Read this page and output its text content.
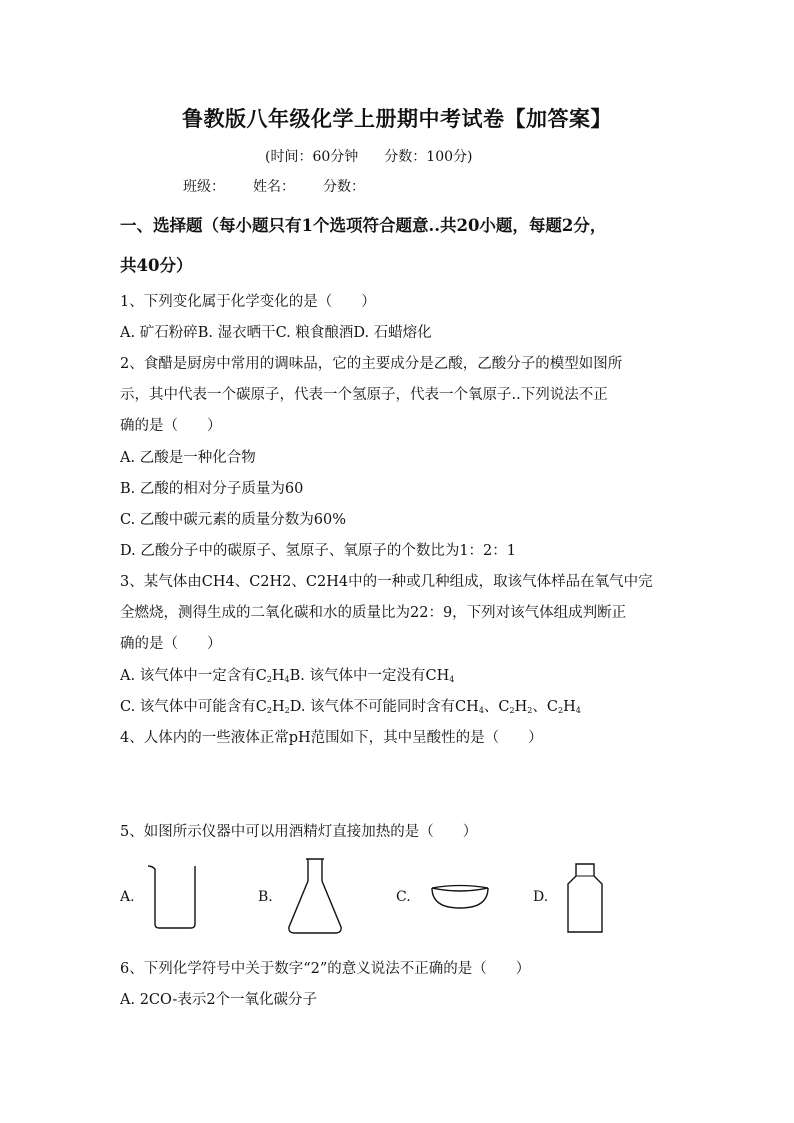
鲁教版八年级化学上册期中考试卷【加答案】
(时间：60分钟 分数：100分)
班级： 姓名： 分数：
一、选择题（每小题只有1个选项符合题意..共20小题，每题2分，
共40分）
1、下列变化属于化学变化的是（　　）
A. 矿石粉碎B. 湿衣晒干C. 粮食酿酒D. 石蜡熔化
2、食醋是厨房中常用的调味品，它的主要成分是乙酸，乙酸分子的模型如图所
示，其中代表一个碳原子，代表一个氢原子，代表一个氧原子..下列说法不正
确的是（　　）
A. 乙酸是一种化合物
B. 乙酸的相对分子质量为60
C. 乙酸中碳元素的质量分数为60%
D. 乙酸分子中的碳原子、氢原子、氧原子的个数比为1：2：1
3、某气体由CH4、C2H2、C2H4中的一种或几种组成，取该气体样品在氧气中完
全燃烧，测得生成的二氧化碳和水的质量比为22：9，下列对该气体组成判断正
确的是（　　）
A. 该气体中一定含有$C_2H_4B$. 该气体中一定没有$CH_4$
C. 该气体中可能含有$C_2H_2D$. 该气体不可能同时含有$CH_4$、$C_2H_2$、$C_2H_4$
4、人体内的一些液体正常pH范围如下，其中呈酸性的是（　　）
5、如图所示仪器中可以用酒精灯直接加热的是（　　）
A.	B.	C.	D.
6、下列化学符号中关于数字“2”的意义说法不正确的是（　　）
A. 2CO-表示2个一氧化碳分子
